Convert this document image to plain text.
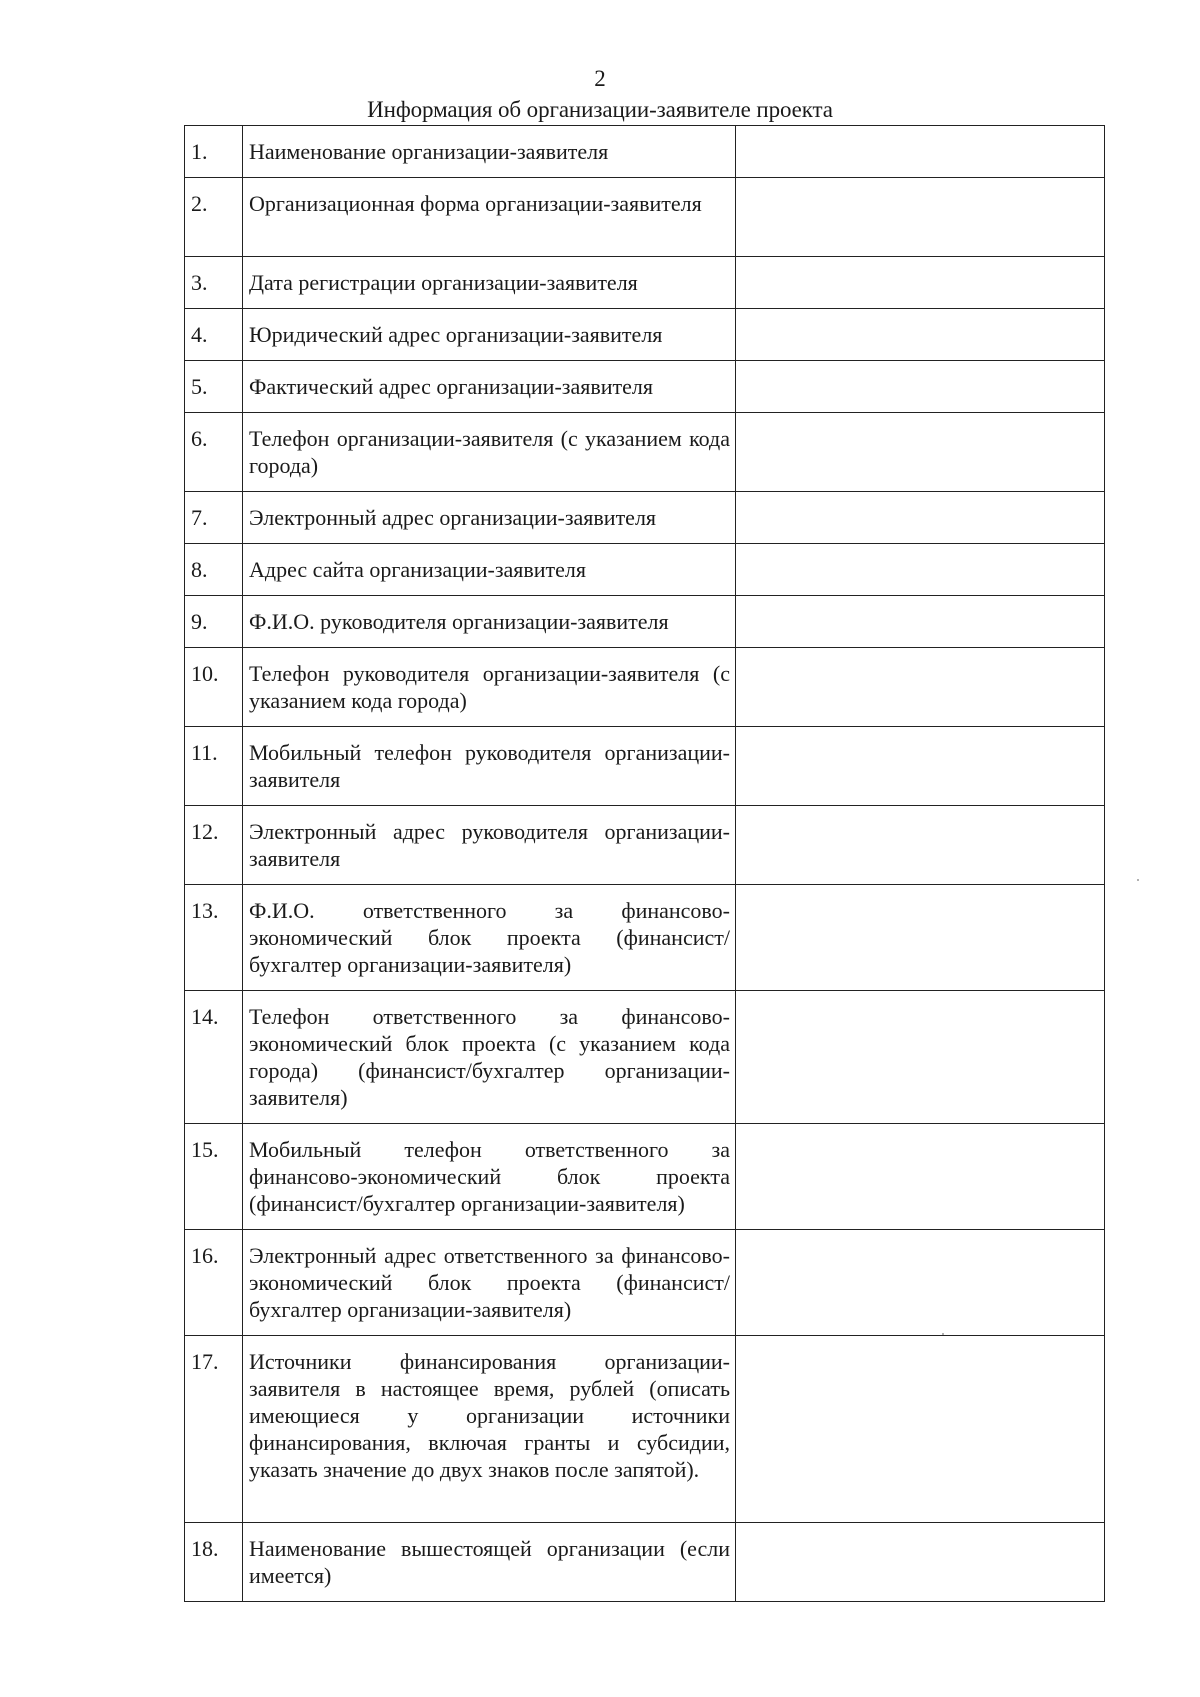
2
Информация об организации-заявителе проекта
1.	Наименование организации-заявителя	

2.	Организационная форма организации-заявителя	

3.	Дата регистрации организации-заявителя	

4.	Юридический адрес организации-заявителя	

5.	Фактический адрес организации-заявителя	

6.	Телефон организации-заявителя (с указанием кода города)	

7.	Электронный адрес организации-заявителя	

8.	Адрес сайта организации-заявителя	

9.	Ф.И.О. руководителя организации-заявителя	

10.	Телефон руководителя организации-заявителя (с указанием кода города)	

11.	Мобильный телефон руководителя организации-заявителя	

12.	Электронный адрес руководителя организации-заявителя	

13.	Ф.И.О. ответственного за финансово-экономический блок проекта (финансист/бухгалтер организации-заявителя)	

14.	Телефон ответственного за финансово-экономический блок проекта (с указанием кода города) (финансист/бухгалтер организации-заявителя)	

15.	Мобильный телефон ответственного за финансово-экономический блок проекта (финансист/бухгалтер организации-заявителя)	

16.	Электронный адрес ответственного за финансово-экономический блок проекта (финансист/бухгалтер организации-заявителя)	

17.	Источники финансирования организации-заявителя в настоящее время, рублей (описать имеющиеся у организации источники финансирования, включая гранты и субсидии, указать значение до двух знаков после запятой).	

18.	Наименование вышестоящей организации (если имеется)	
